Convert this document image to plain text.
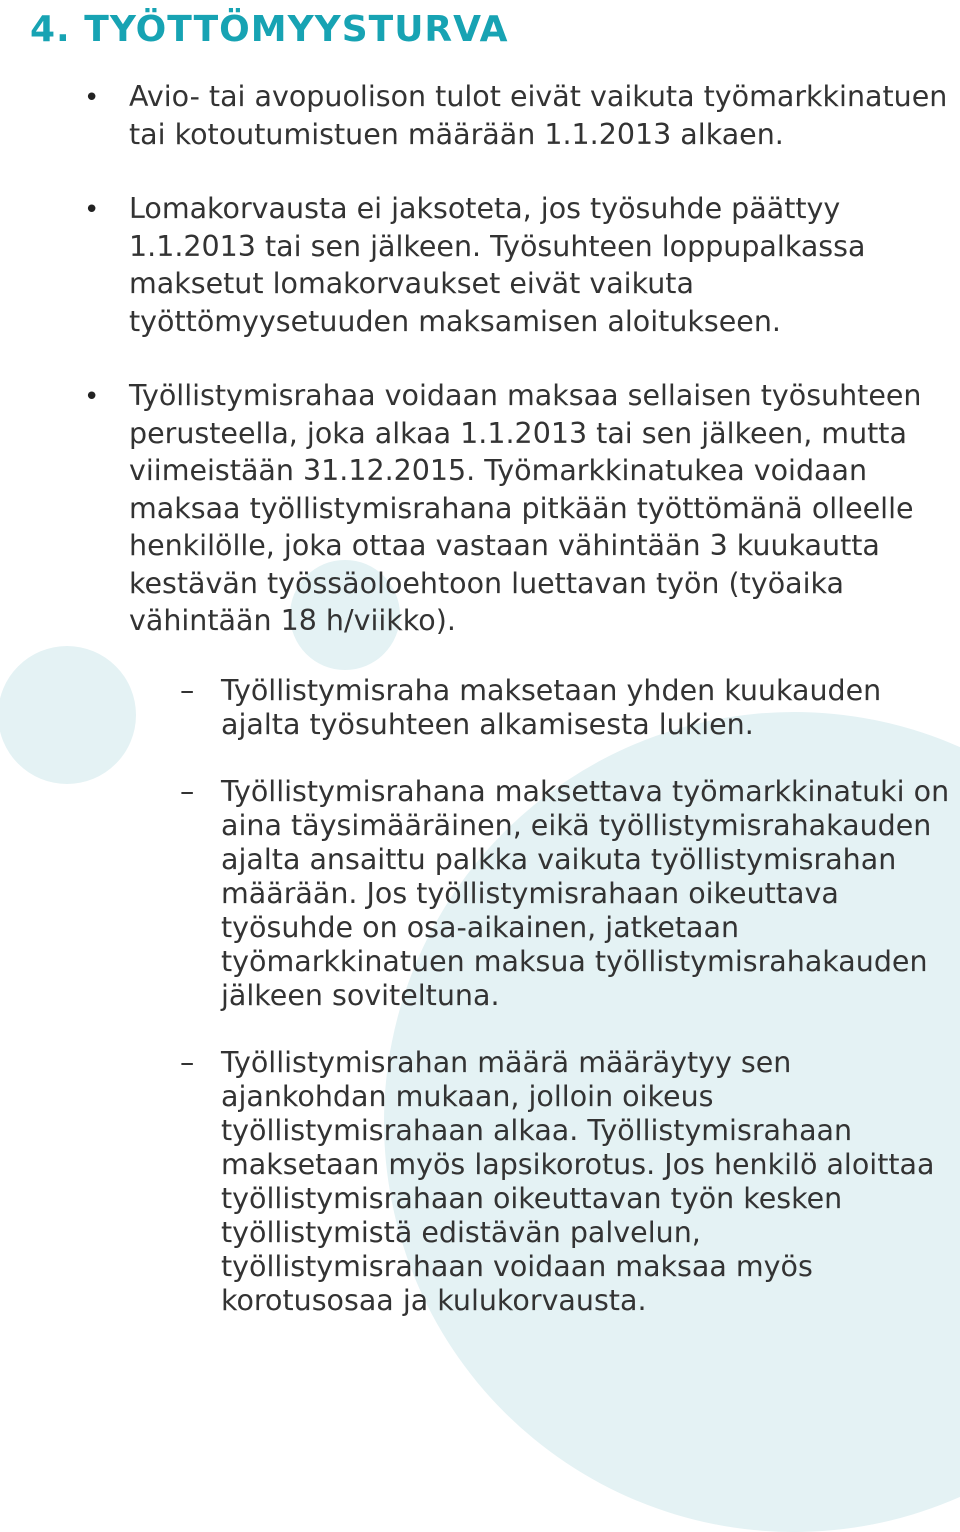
4. TYÖTTÖMYYSTURVA
• Avio- tai avopuolison tulot eivät vaikuta työmarkkinatuen tai kotoutumistuen määrään 1.1.2013 alkaen.
• Lomakorvausta ei jaksoteta, jos työsuhde päättyy 1.1.2013 tai sen jälkeen. Työsuhteen loppupalkassa maksetut lomakorvaukset eivät vaikuta työttömyysetuuden maksamisen aloitukseen.
• Työllistymisrahaa voidaan maksaa sellaisen työsuhteen perusteella, joka alkaa 1.1.2013 tai sen jälkeen, mutta viimeistään 31.12.2015. Työmarkkinatukea voidaan maksaa työllistymisrahana pitkään työttömänä olleelle henkilölle, joka ottaa vastaan vähintään 3 kuukautta kestävän työssäoloehtoon luettavan työn (työaika vähintään 18 h/viikko).
– Työllistymisraha maksetaan yhden kuukauden ajalta työsuhteen alkamisesta lukien.
– Työllistymisrahana maksettava työmarkkinatuki on aina täysimääräinen, eikä työllistymisrahakauden ajalta ansaittu palkka vaikuta työllistymisrahan määrään. Jos työllistymisrahaan oikeuttava työsuhde on osa-aikainen, jatketaan työmarkkinatuen maksua työllistymisrahakauden jälkeen soviteltuna.
– Työllistymisrahan määrä määräytyy sen ajankohdan mukaan, jolloin oikeus työllistymisrahaan alkaa. Työllistymisrahaan maksetaan myös lapsikorotus. Jos henkilö aloittaa työllistymisrahaan oikeuttavan työn kesken työllistymistä edistävän palvelun, työllistymisrahaan voidaan maksaa myös korotusosaa ja kulukorvausta.
